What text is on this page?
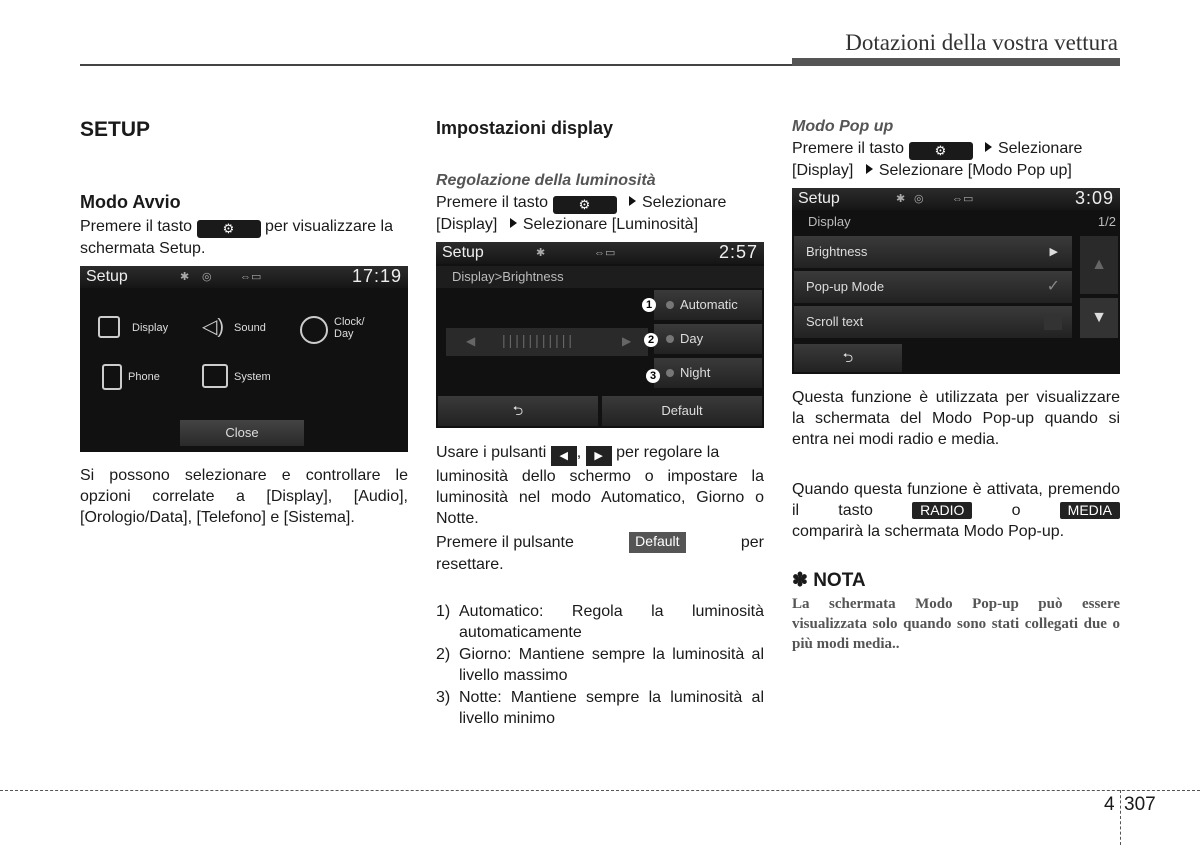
Dotazioni della vostra vettura
SETUP
Modo Avvio
Premere il tasto ⚙ per visualizzare la
schermata Setup.
Setup	✱ ◎	⇔▭	17:19
Display ◁) Sound	Clock/
Day
Phone	System
Close
Si possono selezionare e controllare le opzioni correlate a [Display], [Audio], [Orologio/Data], [Telefono] e [Sistema].
Impostazioni display
Regolazione della luminosità
Premere il tasto ⚙	Selezionare
[Display] Selezionare [Luminosità]
Setup	✱	⇔▭	2:57
Display>Brightness
◀ |||||||||||	▶
Automatic
Day
Night
1
2
3
⮌	Default
Usare i pulsanti ◀ , ▶ per regolare la
luminosità dello schermo o impostare la luminosità nel modo Automatico, Giorno o Notte.
Premere il pulsante	Default	per
resettare.
1) Automatico: Regola la luminosità automaticamente
2) Giorno: Mantiene sempre la luminosità al livello massimo
3) Notte: Mantiene sempre la luminosità al livello minimo
Modo Pop up
Premere il tasto ⚙	Selezionare
[Display] Selezionare [Modo Pop up]
Setup	✱ ◎	⇔▭	3:09
Display	1/2
Brightness	▶
Pop-up Mode	✓
Scroll text
▲
▼
⮌
Questa funzione è utilizzata per visualizzare la schermata del Modo Pop-up quando si entra nei modi radio e media.
Quando questa funzione è attivata, premendo il tasto	RADIO	o	MEDIA
comparirà la schermata Modo Pop-up.
✽ NOTA
La schermata Modo Pop-up può essere visualizzata solo quando sono stati collegati due o più modi media..
4 307
